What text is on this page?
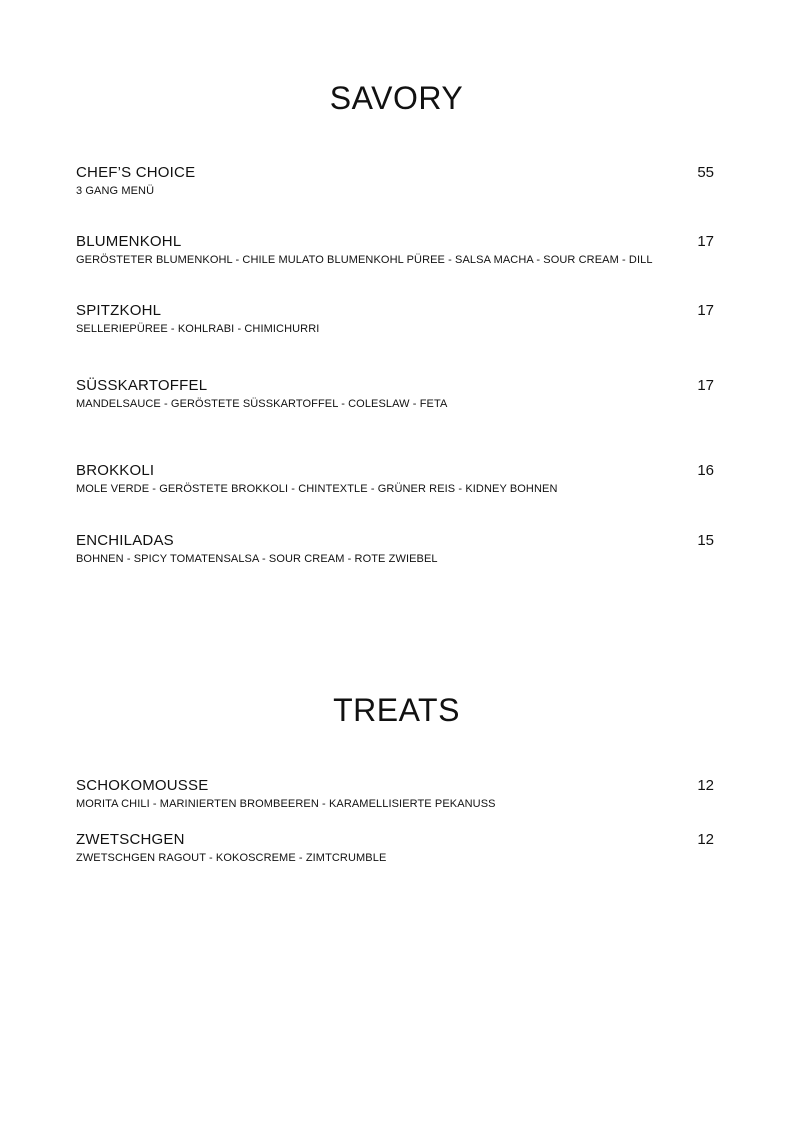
SAVORY
CHEF’S CHOICE	55
3 GANG MENÜ
BLUMENKOHL	17
GERÖSTETER BLUMENKOHL - CHILE MULATO BLUMENKOHL PÜREE - SALSA MACHA - SOUR CREAM - DILL
SPITZKOHL	17
SELLERIEPÜREE - KOHLRABI - CHIMICHURRI
SÜSSKARTOFFEL	17
MANDELSAUCE - GERÖSTETE SÜSSKARTOFFEL - COLESLAW - FETA
BROKKOLI	16
MOLE VERDE - GERÖSTETE BROKKOLI - CHINTEXTLE - GRÜNER REIS - KIDNEY BOHNEN
ENCHILADAS	15
BOHNEN - SPICY TOMATENSALSA - SOUR CREAM - ROTE ZWIEBEL
TREATS
SCHOKOMOUSSE	12
MORITA CHILI - MARINIERTEN BROMBEEREN - KARAMELLISIERTE PEKANUSS
ZWETSCHGEN	12
ZWETSCHGEN RAGOUT - KOKOSCREME - ZIMTCRUMBLE
